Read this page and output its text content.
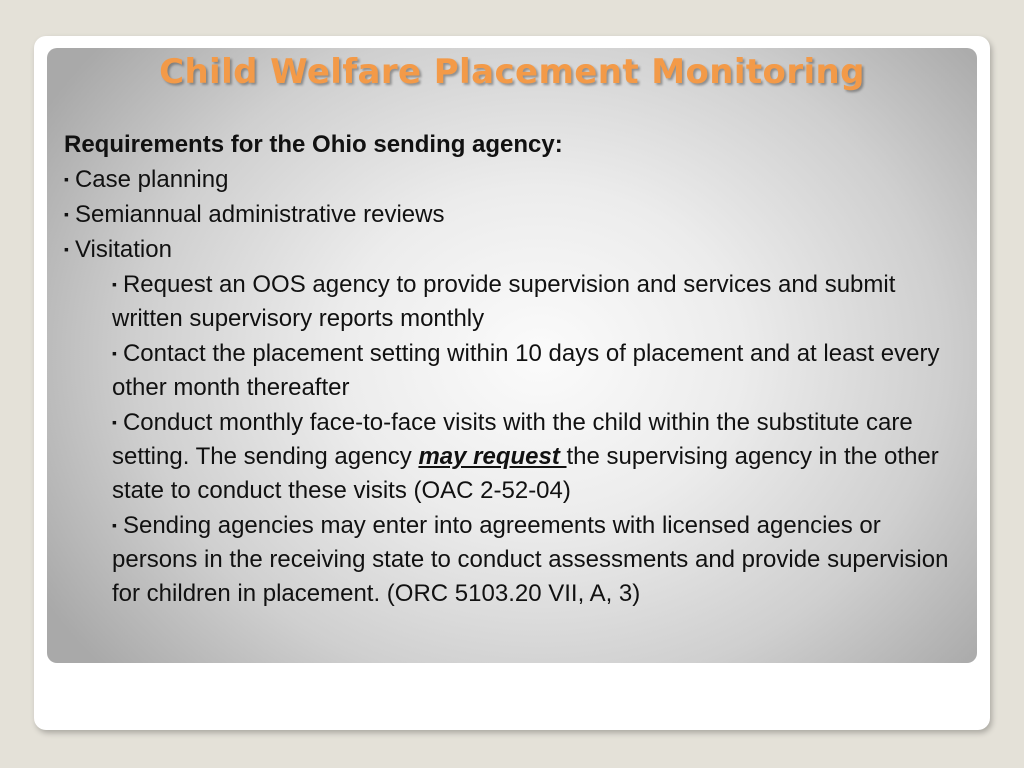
Child Welfare Placement Monitoring

Requirements for the Ohio sending agency:

▪ Case planning

▪ Semiannual administrative reviews

▪ Visitation

▪ Request an OOS agency to provide supervision and services and submit written supervisory reports monthly

▪ Contact the placement setting within 10 days of placement and at least every other month thereafter

▪ Conduct monthly face-to-face visits with the child within the substitute care setting. The sending agency may request the supervising agency in the other state to conduct these visits (OAC 2-52-04)

▪ Sending agencies may enter into agreements with licensed agencies or persons in the receiving state to conduct assessments and provide supervision for children in placement. (ORC 5103.20 VII, A, 3)
